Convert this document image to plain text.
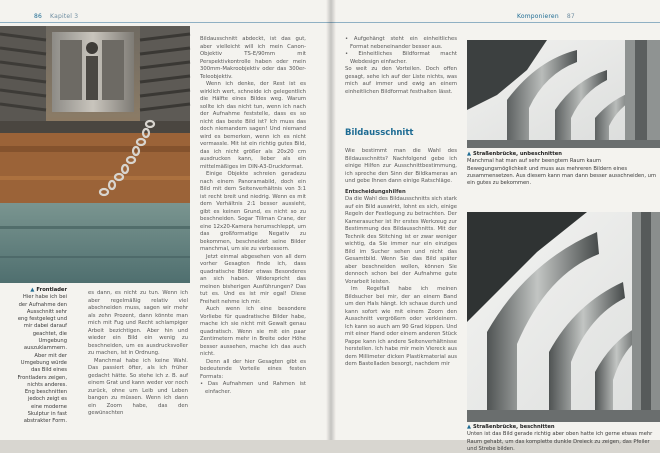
86 Kapitel 3
▲ Frontlader
Hier habe ich bei der Aufnahme den Ausschnitt sehr eng festgelegt und mir dabei darauf geachtet, die Umgebung auszuklammern. Aber mit der Umgebung würde das Bild eines Frontladers zeigen, nichts anderes. Eng beschnitten jedoch zeigt es eine moderne Skulptur in fast abstrakter Form.

es dann, es nicht zu tun. Wenn ich aber regelmäßig relativ viel abschneiden muss, sagen wir mehr als zehn Prozent, dann könnte man mich mit Fug und Recht schlampiger Arbeit bezichtigen. Aber hin und wieder ein Bild ein wenig zu beschneiden, um es ausdrucksvoller zu machen, ist in Ordnung.

Manchmal habe ich keine Wahl. Das passiert öfter, als ich früher gedacht hätte. So stehe ich z. B. auf einem Grat und kann weder vor noch zurück, ohne um Leib und Leben bangen zu müssen. Wenn ich dann ein Zoom habe, das den gewünschten

Bildausschnitt abdeckt, ist das gut, aber vielleicht will ich mein Canon-Objektiv TS-E/90mm mit Perspektivkontrolle haben oder mein 300mm-Makroobjektiv oder das 300er-Teleobjektiv.

Wenn ich denke, der Rest ist es wirklich wert, schneide ich gelegentlich die Hälfte eines Bildes weg. Warum sollte ich das nicht tun, wenn ich nach der Aufnahme feststelle, dass es so nicht das beste Bild ist? Ich muss das doch niemandem sagen! Und niemand wird es bemerken, wenn ich es nicht vermassle. Mit ist ein richtig gutes Bild, das ich nicht größer als 20x20 cm ausdrucken kann, lieber als ein mittelmäßiges im DIN-A3-Druckformat.

Einige Objekte schreien geradezu nach einem Panoramabild, doch ein Bild mit dem Seitenverhältnis von 3:1 ist recht breit und niedrig. Wenn es mit dem Verhältnis 2:1 besser aussieht, gibt es keinen Grund, es nicht so zu beschneiden. Sogar Tillman Crane, der eine 12x20-Kamera herumschleppt, um das großformatige Negativ zu bekommen, beschneidet seine Bilder manchmal, um sie zu verbessern.

Jetzt einmal abgesehen von all dem vorher Gesagten finde ich, dass quadratische Bilder etwas Besonderes an sich haben. Widerspricht das meinen bisherigen Ausführungen? Das tut es. Und es ist mir egal! Diese Freiheit nehme ich mir.

Auch wenn ich eine besondere Vorliebe für quadratische Bilder habe, mache ich sie nicht mit Gewalt genau quadratisch. Wenn sie mit ein paar Zentimetern mehr in Breite oder Höhe besser aussehen, mache ich das auch nicht.

Denn all der hier Gesagten gibt es bedeutende Vorteile eines festen Formats:

• Das Aufnahmen und Rahmen ist einfacher.

Komponieren 87

• Aufgehängt steht ein einheitliches Format nebeneinander besser aus.

• Einheitliches Bildformat macht Webdesign einfacher.

So weit zu den Vorteilen. Doch offen gesagt, sehe ich auf der Liste nichts, was mich auf immer und ewig an einem einheitlichen Bildformat festhalten lässt.

Bildausschnitt

Wie bestimmt man die Wahl des Bildausschnitts? Nachfolgend gebe ich einige Hilfen zur Ausschnittbestimmung, ich spreche den Sinn der Bildkameras an und gebe Ihnen dann einige Ratschläge.

Entscheidungshilfen

Da die Wahl des Bildausschnitts sich stark auf ein Bild auswirkt, lohnt es sich, einige Regeln der Festlegung zu betrachten. Der Kamerasucher ist Ihr erstes Werkzeug zur Bestimmung des Bildausschnitts. Mit der Technik des Stitching ist er zwar weniger wichtig, da Sie immer nur ein einziges Bild im Sucher sehen und nicht das Gesamtbild. Wenn Sie das Bild später aber beschneiden wollen, können Sie dennoch schon bei der Aufnahme gute Vorarbeit leisten.

Im Regelfall habe ich meinen Bildsucher bei mir, der an einem Band um den Hals hängt. Ich schaue durch und kann sofort wie mit einem Zoom den Ausschnitt vergrößern oder verkleinern. Ich kann so auch am 90 Grad kippen. Und mit einer Hand oder einem anderen Stück Pappe kann ich andere Seitenverhältnisse herstellen. Ich habe mir mein Viereck aus dem Millimeter dicken Plastikmaterial aus dem Bastelladen besorgt, nachdem mir

▲ Straßenbrücke, unbeschnitten
Manchmal hat man auf sehr beengtem Raum kaum Bewegungsmöglichkeit und muss aus mehreren Bildern eines zusammensetzen. Aus diesem kann man dann besser ausschneiden, um ein gutes zu bekommen.
▲ Straßenbrücke, beschnitten
Unten ist das Bild gerade richtig aber oben hatte ich gerne etwas mehr Raum gehabt, um das komplette dunkle Dreieck zu zeigen, das Pfeiler und Strebe bilden.
